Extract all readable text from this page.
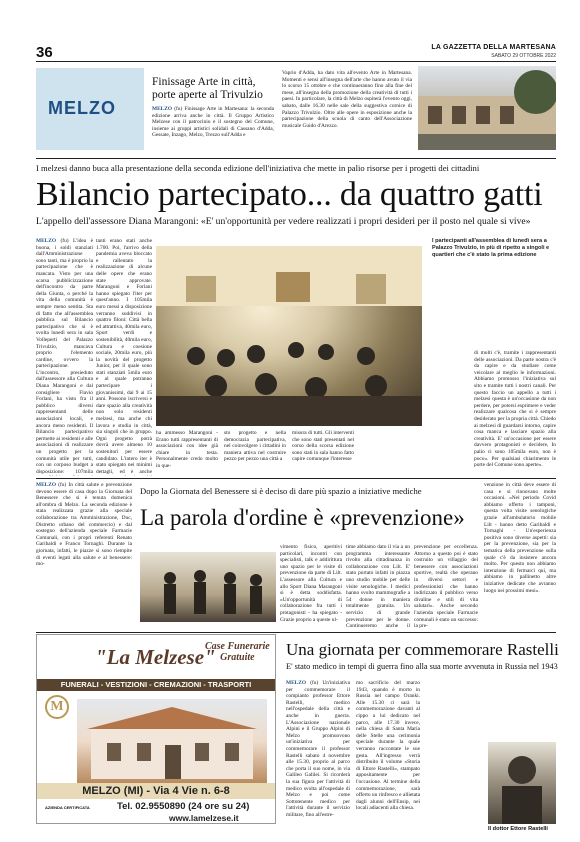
36	LA GAZZETTA DELLA MARTESANA
SABATO 29 OTTOBRE 2022
MELZO
Finissage Arte in città,
porte aperte al Trivulzio
MELZO (fu) Finissage Arte in Martesana: la seconda edizione arriva anche in città. Il Gruppo Artistico Melzese con il patrocinio e il sostegno del Comune, insieme ai gruppi artistici solidali di Cassano d'Adda, Gessate, Inzago, Melzo, Trezzo sull'Adda e
Vaprio d'Adda, ha dato vita all'evento Arte in Martesana. Momenti e sensi all'insegna dell'arte che hanno avuto il via lo scorso 15 ottobre e che continueranno fino alla fine del mese, all'insegna della promozione della creatività di tutti i paesi. In particolare, la città di Melzo ospiterà l'evento oggi, sabato, dalle 16.30 nelle sale della suggestiva cornice di Palazzo Trivulzio. Oltre alle opere in esposizione anche la partecipazione della scuola di canto dell'Associazione musicale Guido d'Arezzo.
I melzesi danno buca alla presentazione della seconda edizione dell'iniziativa che mette in palio risorse per i progetti dei cittadini
Bilancio partecipato... da quattro gatti
L'appello dell'assessore Diana Marangoni: «E' un'opportunità per vedere realizzati i propri desideri per il posto nel quale si vive»
MELZO (fu) L'idea è buona, i soldi stanziati dall'Amministrazione sono tanti, ma è proprio la partecipazione che è mancata. Visto per una scarsa pubblicizzazione dell'incontro da parte della Giunta, o perché la vita della comunità è sempre meno sentita. Sta di fatto che all'assemblea pubblica sul Bilancio partecipativo che si è svolta lunedì sera in sala Volleperti del Palazzo Trivulzio, mancava proprio l'elemento cardine, ovvero la partecipazione. L'incontro, presieduto dall'assessore alla Cultura Diana Marangoni e dal consigliere Flavio Forlani, ha visto fra il pubblico diversi rappresentanti delle associazioni locali, e ancora meno residenti. Il Bilancio partecipativo permette ai residenti e alle associazioni di realizzare un progetto per la comunità utile per tutti, con un corposo budget a disposizione: 107mila
tanti erano stati anche 1.700. Poi, l'arrivo della pandemia aveva bloccato e rallentato la realizzazione di alcune delle opere che erano state approvate. Marangoni e Forlani hanno spiegato l'iter per quest'anno. I 105mila euro messi a disposizione verranno suddivisi in quattro filoni: Città bella ed attrattiva, 40mila euro, Sport verdi e sostenibilità, 40mila euro, Cultura e coesione sociale, 20mila euro, più la novità del progetto Junior, per il quale sono stati stanziati 5mila euro e al quale potranno partecipare i giovanissimi, dai 9 ai 15 anni. Possono iscriversi e dare spazio alla creatività non solo residenti melzesi, ma anche chi lavora e studia in città, sia singoli che in gruppo. Ogni progetto potrà dovrà avere almeno 10 sostenitori per essere candidato. L'intero iter è stato spiegato nei minimi dettagli, ed è anche
I partecipanti all'assemblea di lunedì sera a Palazzo Trivulzio, in più di ripetto a singoli e quartieri che c'è stato la prima edizione
di molti c'è, tramite i rappresentanti delle associazioni. Da parte nostra c'è da capire e da studiare come veicolare al meglio le informazioni. Abbiamo promosso l'iniziativa sul sito e tramite tutti i nostri canali. Per questo faccio un appello a tutti i melzesi questa è un'occasione da non perdere, per potersi esprimere e veder realizzare qualcosa che si è sempre desiderato per la propria città. Chiedo ai melzesi di guardarsi intorno, capire cosa manca e lasciare spazio alla creatività. E' un'occasione per essere davvero protagonisti e decidere, In palio ci sono 105mila euro, non è poco». Per qualsiasi chiarimento le porte del Comune sono aperte».
ha ammesso Marangoni - Erano tutti rappresentanti di associazioni con idee già chiare in testa. Personalmente credo molto in que-
sto progetto e nella democrazia partecipativa, nel coinvolgere i cittadini in maniera attiva nel costruire pezzo per pezzo una città a
misura di tutti. Gli interventi che sono stati presentati nel corso della scorsa edizione sono stati in sala hanno fatto capire comunque l'interesse
MELZO (fu) In città salute e prevenzione devono essere di casa dopo la Giornata del Benessere che si è tenuta domenica all'ombra di Melzo. La seconda edizione è stata realizzata grazie alla speciale collaborazione tra Amministrazione, Duc, Distretto urbano del commercio) e dal sostegno dell'azienda speciale Farmacie Comunali, con i propri referenti Renato Garibaldi e Franco Tornaghi. Durante la giornata, infatti, le piazze si sono riempite di eventi legati alla salute e al benessere: mo-
Dopo la Giornata del Benessere si è deciso di dare più spazio a iniziative mediche
La parola d'ordine è «prevenzione»
vimento fisico, aperitivi particolari, incontri con specialisti, talk e addirittura uno spazio per le visite di prevenzione da parte di Lilt. L'assessore alla Cultura e allo Sport Diana Marangoni si è detta soddisfatta. «Un'opportunità di collaborazione fra tutti i protagonisti - ha spiegato - Grazie proprio a queste ul-
time abbiamo dato il via a un programma interessante rivolto alla cittadinanza in collaborazione con Lilt. E' stato portato infatti in piazza uno studio mobile per delle visite senologiche. I medici hanno svolto mammografie a 54 donne in maniera totalmente gratuita. Un servizio di grande prevenzione per le donne. Continueremo anche il
prevenzione per eccellenza. Attorno a questo poi è stato costruito un villaggio del benessere con associazioni sportive, realtà che operano in diversi settori e professionisti che hanno indirizzato il pubblico verso divaline e stili di vita salutari». Anche secondo l'azienda speciale Farmacie comunali è stato un successo: la pre-
venzione in città deve essere di casa e si rinnovano molte occasioni. «Nel periodo Covid abbiamo offerto i tamponi, questa volta visite senologiche grazie all'ambulatorio mobile Lilt - hanno detto Garibaldi e Tornaghi - Un'esperienza positiva sono diverse aspetti: sia per la prevenzione, sia per la tematica della prevenzione sulla quale c'è da insistere ancora molto. Per questo non abbiamo intenzione di fermarci qui, ma abbiamo in pallinetto altre iniziative dedicate che avranno luogo nei prossimi mesi».
"La Melzese"
Case Funerarie
Gratuite
FUNERALI - VESTIZIONI - CREMAZIONI - TRASPORTI
M
MELZO (MI) - Via 4 Vie n. 6-8
Tel. 02.9550890 (24 ore su 24)
www.lamelzese.it
AZIENDA CERTIFICATA
Una giornata per commemorare Rastelli
E' stato medico in tempi di guerra fino alla sua morte avvenuta in Russia nel 1943
MELZO (fu) Un'iniziativa per commemorare il compianto professor Ettore Rastelli, medico nell'ospedale della città e anche in guerra. L'Associazione nazionale Alpini e il Gruppo Alpini di Melzo promuovono un'iniziativa per commemorare il professor Rastelli sabato 4 novembre alle 15.30, proprio al parco che porta il suo nome, in via Galileo Galilei. Si ricorderà la sua figura per l'attività di medico svolta all'ospedale di Melzo e poi come Sottotenente medico per l'attività durante il servizio militare, fino all'estre-
mo sacrificio del marzo 1943, quando è morto in Russia nel campo Oranki. Alle 15.30 ci sarà la commemorazione davanti al cippo a lui dedicato nel parco, alle 17.30 invece, nella chiesa di Santa Maria delle Stelle una cerimonia speciale durante la quale verranno raccontate le sue gesta. All'ingresso verrà distribuito il volume «Storia di Ettore Rastelli», stampato appositamente per l'occasione. Al termine della commemorazione, sarà offerto un rinfresco e allietata dagli alunni dell'Ensip, nei locali adiacenti alla chiesa.
Il dottor Ettore Rastelli
